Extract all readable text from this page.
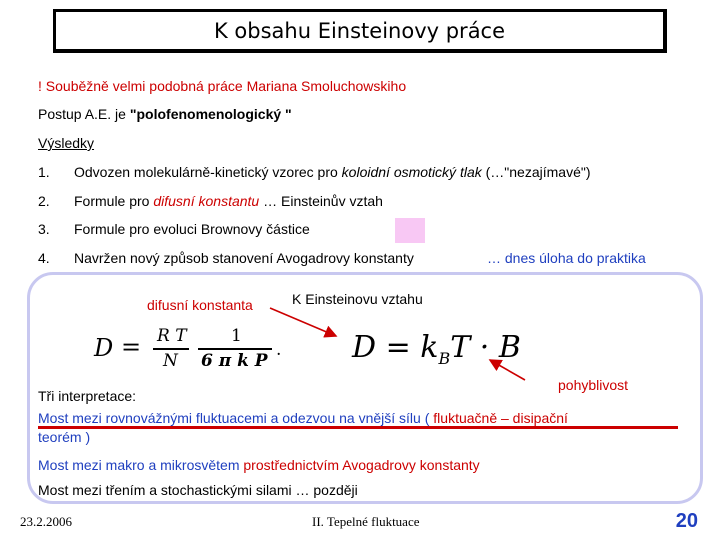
K obsahu Einsteinovy práce
! Souběžně velmi podobná práce Mariana Smoluchowskiho
Postup A.E. je "polofenomenologický "
Výsledky
1. Odvozen molekulárně-kinetický vzorec pro koloidní osmotický tlak (…"nezajímavé")
2. Formule pro difusní konstantu … Einsteinův vztah
3. Formule pro evoluci Brownovy částice
4. Navržen nový způsob stanovení Avogadrovy konstanty	… dnes úloha do praktika
difusní konstanta	K Einsteinovu vztahu
pohyblivost
D = R T
N
1
6 π k P
. $D = k_BT \cdot B$
Tři interpretace:
Most mezi rovnovážnými fluktuacemi a odezvou na vnější sílu ( fluktuačně – disipační
teorém )
Most mezi makro a mikrosvětem prostřednictvím Avogadrovy konstanty
Most mezi třením a stochastickými silami … později
23.2.2006	II. Tepelné fluktuace	20
